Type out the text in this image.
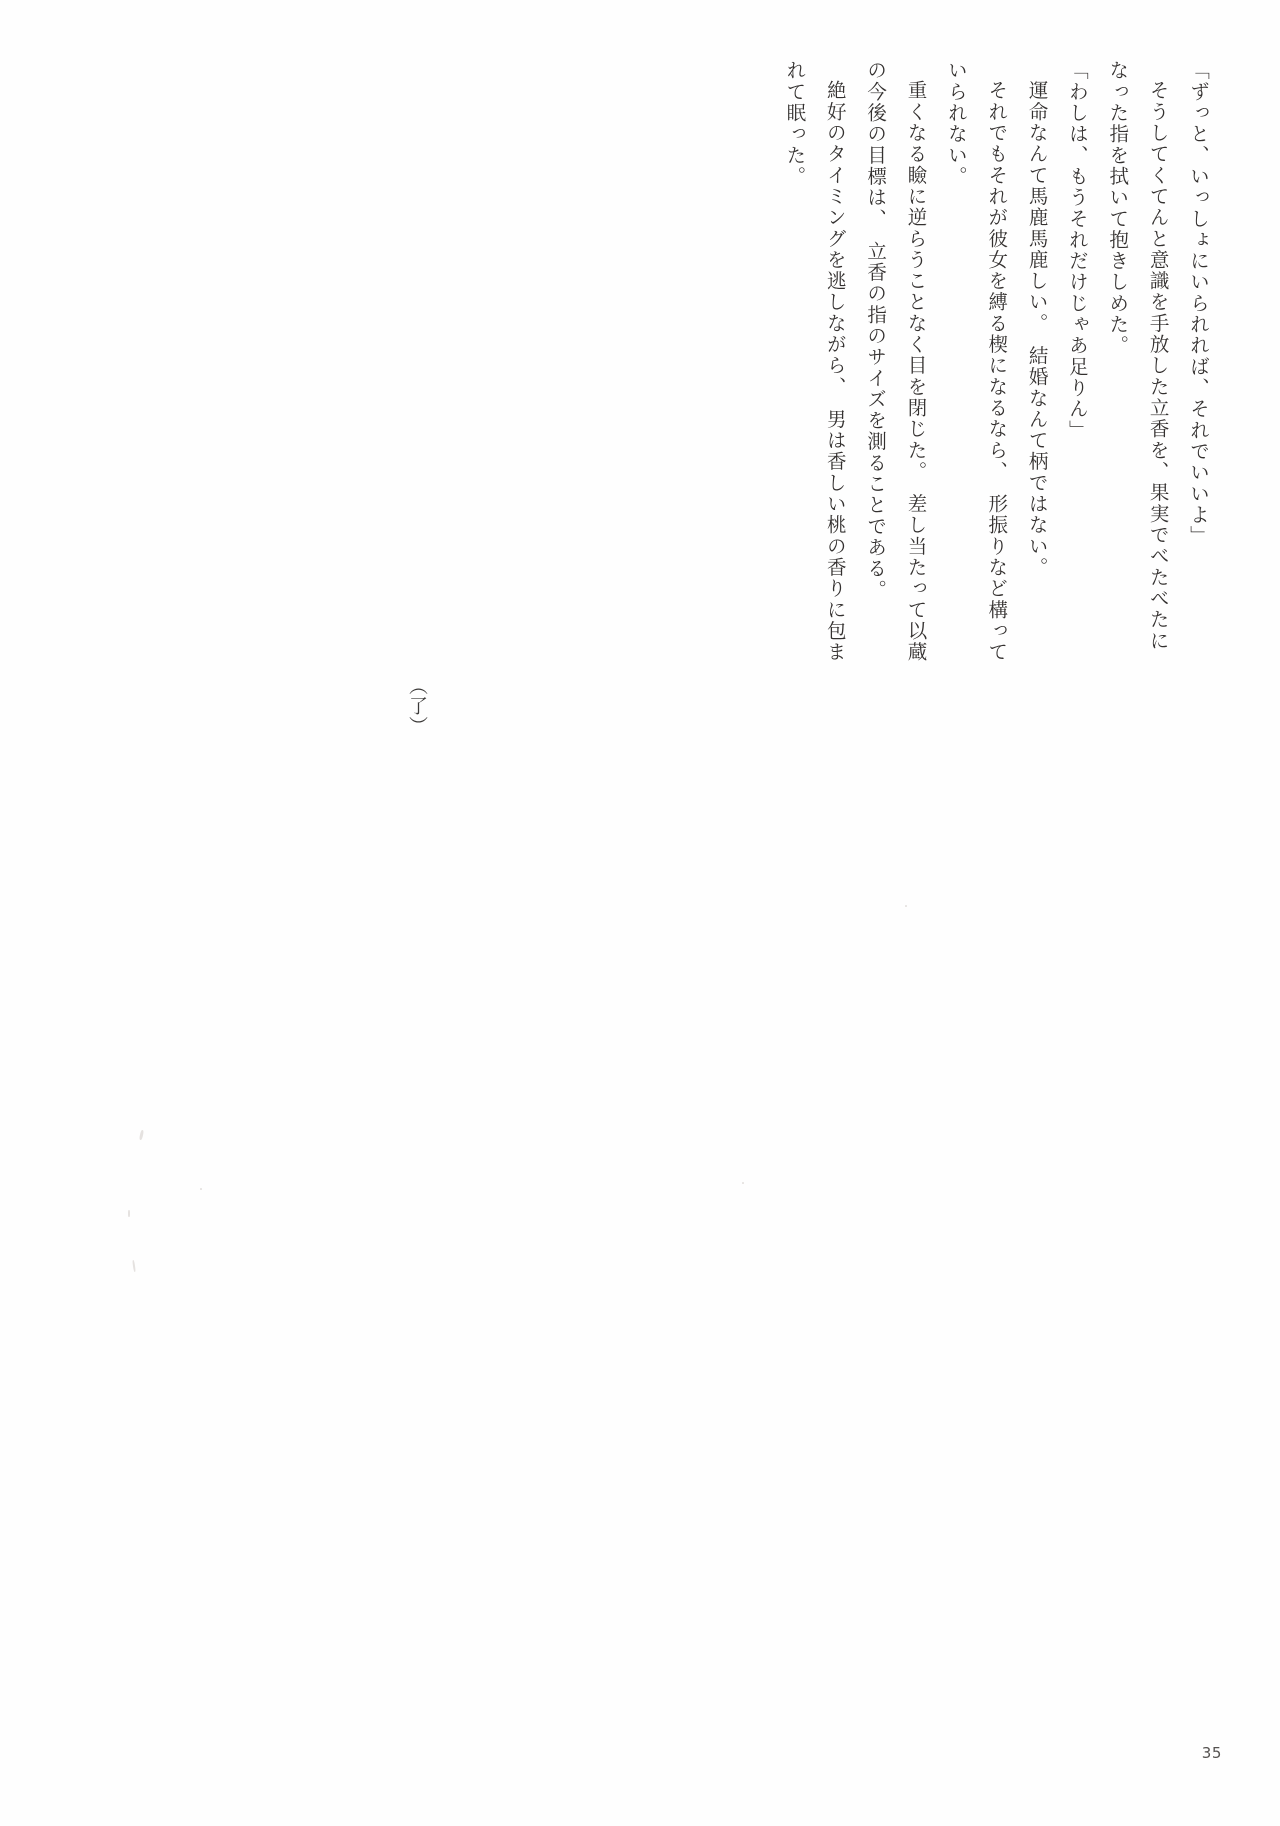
「ずっと、いっしょにいられれば、それでいいよ」

そうしてくてんと意識を手放した立香を、果実でべたべたに

なった指を拭いて抱きしめた。

「わしは、もうそれだけじゃあ足りん」

運命なんて馬鹿馬鹿しい。　結婚なんて柄ではない。

それでもそれが彼女を縛る楔になるなら、　形振りなど構って

いられない。

重くなる瞼に逆らうことなく目を閉じた。　差し当たって以蔵

の今後の目標は、　立香の指のサイズを測ることである。

絶好のタイミングを逃しながら、　男は香しい桃の香りに包ま

れて眠った。

（了）
35
